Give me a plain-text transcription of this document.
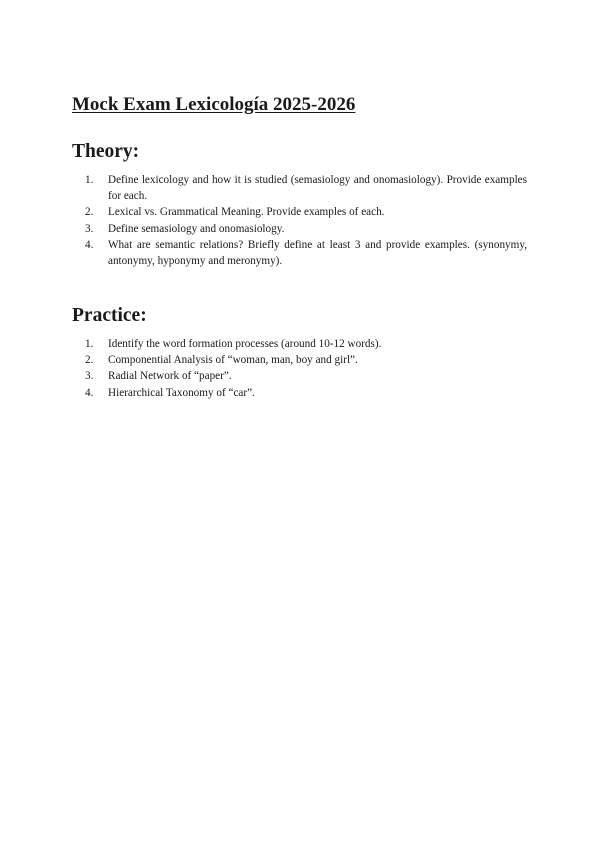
Mock Exam Lexicología 2025-2026
Theory:
1.	Define lexicology and how it is studied (semasiology and onomasiology). Provide examples for each.
2.	Lexical vs. Grammatical Meaning. Provide examples of each.
3.	Define semasiology and onomasiology.
4.	What are semantic relations? Briefly define at least 3 and provide examples. (synonymy, antonymy, hyponymy and meronymy).
Practice:
1.	Identify the word formation processes (around 10-12 words).
2.	Componential Analysis of “woman, man, boy and girl”.
3.	Radial Network of “paper”.
4.	Hierarchical Taxonomy of “car”.
